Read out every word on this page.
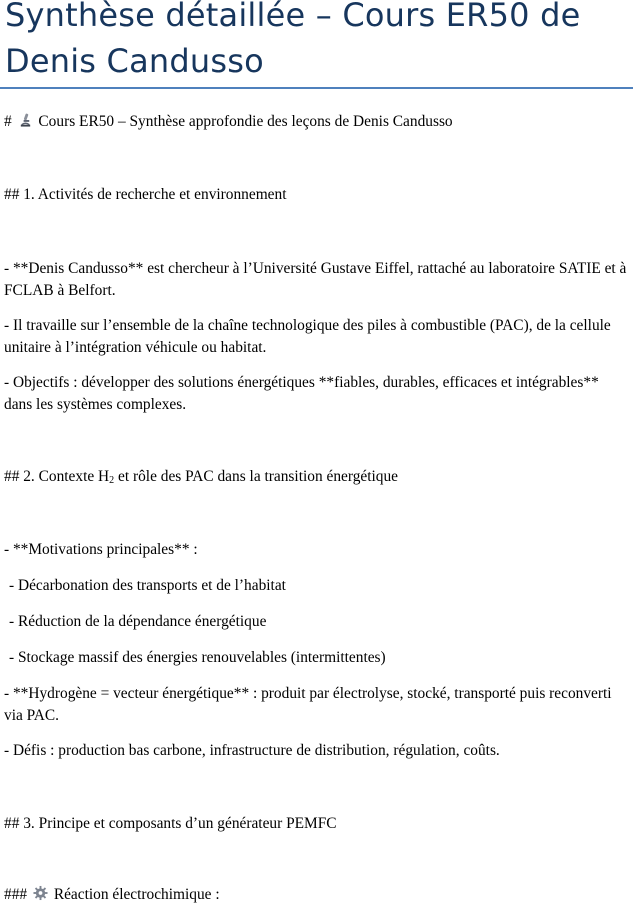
Synthèse détaillée – Cours ER50 de Denis Candusso

# Cours ER50 – Synthèse approfondie des leçons de Denis Candusso

## 1. Activités de recherche et environnement

- **Denis Candusso** est chercheur à l’Université Gustave Eiffel, rattaché au laboratoire SATIE et à FCLAB à Belfort.

- Il travaille sur l’ensemble de la chaîne technologique des piles à combustible (PAC), de la cellule unitaire à l’intégration véhicule ou habitat.

- Objectifs : développer des solutions énergétiques **fiables, durables, efficaces et intégrables** dans les systèmes complexes.

## 2. Contexte $H_2$ et rôle des PAC dans la transition énergétique

- **Motivations principales** :

- Décarbonation des transports et de l’habitat

- Réduction de la dépendance énergétique

- Stockage massif des énergies renouvelables (intermittentes)

- **Hydrogène = vecteur énergétique** : produit par électrolyse, stocké, transporté puis reconverti via PAC.

- Défis : production bas carbone, infrastructure de distribution, régulation, coûts.

## 3. Principe et composants d’un générateur PEMFC

### Réaction électrochimique :
